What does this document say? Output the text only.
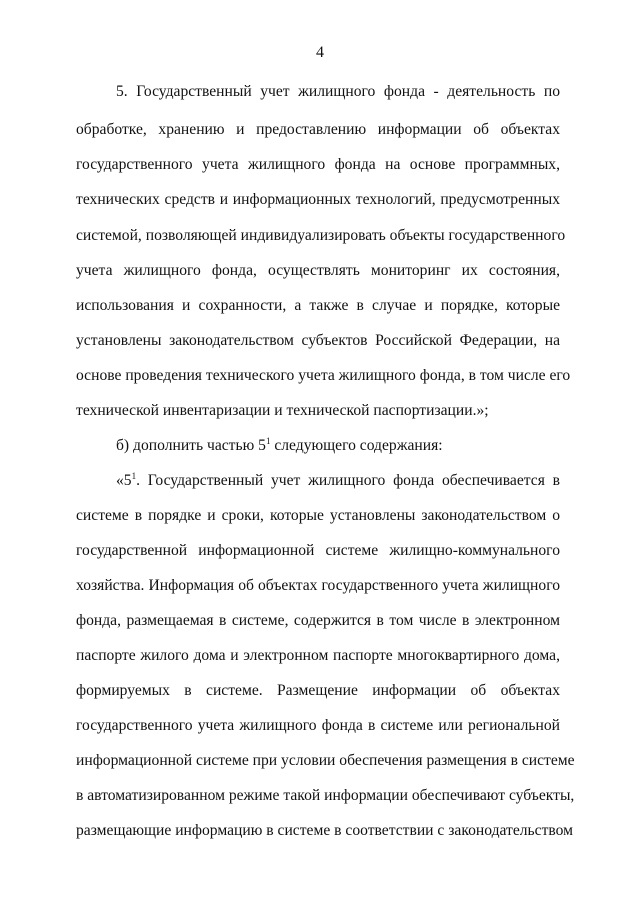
4
5. Государственный учет жилищного фонда - деятельность по
обработке, хранению и предоставлению информации об объектах
государственного учета жилищного фонда на основе программных,
технических средств и информационных технологий, предусмотренных
системой, позволяющей индивидуализировать объекты государственного
учета жилищного фонда, осуществлять мониторинг их состояния,
использования и сохранности, а также в случае и порядке, которые
установлены законодательством субъектов Российской Федерации, на
основе проведения технического учета жилищного фонда, в том числе его
технической инвентаризации и технической паспортизации.»;
б) дополнить частью $5^1$ следующего содержания:
«$5^1$. Государственный учет жилищного фонда обеспечивается в
системе в порядке и сроки, которые установлены законодательством о
государственной информационной системе жилищно-коммунального
хозяйства. Информация об объектах государственного учета жилищного
фонда, размещаемая в системе, содержится в том числе в электронном
паспорте жилого дома и электронном паспорте многоквартирного дома,
формируемых в системе. Размещение информации об объектах
государственного учета жилищного фонда в системе или региональной
информационной системе при условии обеспечения размещения в системе
в автоматизированном режиме такой информации обеспечивают субъекты,
размещающие информацию в системе в соответствии с законодательством
